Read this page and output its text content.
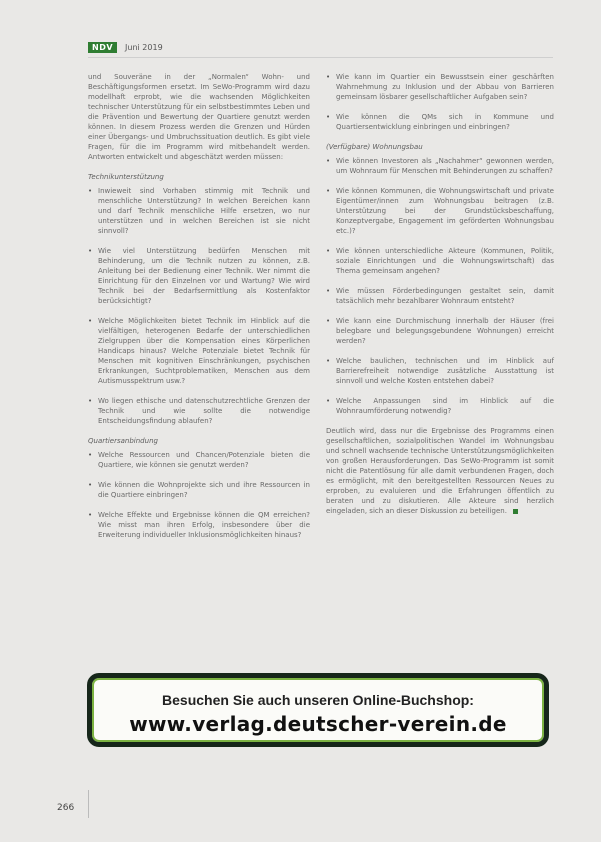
NDV	Juni 2019

und Souveräne in der „Normalen“ Wohn- und Beschäftigungsformen ersetzt. Im SeWo-Programm wird dazu modellhaft erprobt, wie die wachsenden Möglichkeiten technischer Unterstützung für ein selbstbestimmtes Leben und die Prävention und Bewertung der Quartiere genutzt werden können. In diesem Prozess werden die Grenzen und Hürden einer Übergangs- und Umbruchssituation deutlich. Es gibt viele Fragen, für die im Programm wird mitbehandelt werden. Antworten entwickelt und abgeschätzt werden müssen:

Technikunterstützung
• Inwieweit sind Vorhaben stimmig mit Technik und menschliche Unterstützung? In welchen Bereichen kann und darf Technik menschliche Hilfe ersetzen, wo nur unterstützen und in welchen Bereichen ist sie nicht sinnvoll?
• Wie viel Unterstützung bedürfen Menschen mit Behinderung, um die Technik nutzen zu können, z.B. Anleitung bei der Bedienung einer Technik. Wer nimmt die Einrichtung für den Einzelnen vor und Wartung? Wie wird Technik bei der Bedarfsermittlung als Kostenfaktor berücksichtigt?
• Welche Möglichkeiten bietet Technik im Hinblick auf die vielfältigen, heterogenen Bedarfe der unterschiedlichen Zielgruppen über die Kompensation eines Körperlichen Handicaps hinaus? Welche Potenziale bietet Technik für Menschen mit kognitiven Einschränkungen, psychischen Erkrankungen, Suchtproblematiken, Menschen aus dem Autismusspektrum usw.?
• Wo liegen ethische und datenschutzrechtliche Grenzen der Technik und wie sollte die notwendige Entscheidungsfindung ablaufen?
Quartiersanbindung
• Welche Ressourcen und Chancen/Potenziale bieten die Quartiere, wie können sie genutzt werden?
• Wie können die Wohnprojekte sich und ihre Ressourcen in die Quartiere einbringen?
• Welche Effekte und Ergebnisse können die QM erreichen? Wie misst man ihren Erfolg, insbesondere über die Erweiterung individueller Inklusionsmöglichkeiten hinaus?
• Wie kann im Quartier ein Bewusstsein einer geschärften Wahrnehmung zu Inklusion und der Abbau von Barrieren gemeinsam lösbarer gesellschaftlicher Aufgaben sein?
• Wie können die QMs sich in Kommune und Quartiersentwicklung einbringen und einbringen?
(Verfügbare) Wohnungsbau
• Wie können Investoren als „Nachahmer“ gewonnen werden, um Wohnraum für Menschen mit Behinderungen zu schaffen?
• Wie können Kommunen, die Wohnungswirtschaft und private Eigentümer/innen zum Wohnungsbau beitragen (z.B. Unterstützung bei der Grundstücksbeschaffung, Konzeptvergabe, Engagement im geförderten Wohnungsbau etc.)?
• Wie können unterschiedliche Akteure (Kommunen, Politik, soziale Einrichtungen und die Wohnungswirtschaft) das Thema gemeinsam angehen?
• Wie müssen Förderbedingungen gestaltet sein, damit tatsächlich mehr bezahlbarer Wohnraum entsteht?
• Wie kann eine Durchmischung innerhalb der Häuser (frei belegbare und belegungsgebundene Wohnungen) erreicht werden?
• Welche baulichen, technischen und im Hinblick auf Barrierefreiheit notwendige zusätzliche Ausstattung ist sinnvoll und welche Kosten entstehen dabei?
• Welche Anpassungen sind im Hinblick auf die Wohnraumförderung notwendig?

Deutlich wird, dass nur die Ergebnisse des Programms einen gesellschaftlichen, sozialpolitischen Wandel im Wohnungsbau und schnell wachsende technische Unterstützungsmöglichkeiten von großen Herausforderungen. Das SeWo-Programm ist somit nicht die Patentlösung für alle damit verbundenen Fragen, doch es ermöglicht, mit den bereitgestellten Ressourcen Neues zu erproben, zu evaluieren und die Erfahrungen öffentlich zu beraten und zu diskutieren. Alle Akteure sind herzlich eingeladen, sich an dieser Diskussion zu beteiligen.

Besuchen Sie auch unseren Online-Buchshop:
www.verlag.deutscher-verein.de
266
